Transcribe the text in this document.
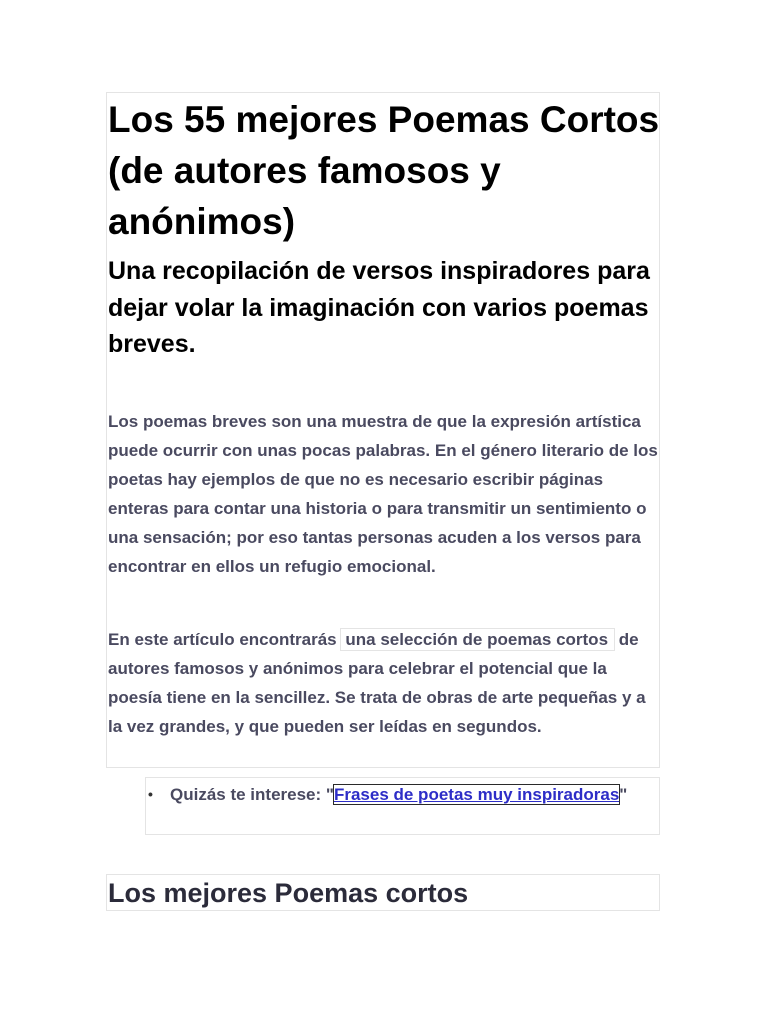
Los 55 mejores Poemas Cortos (de autores famosos y anónimos)
Una recopilación de versos inspiradores para dejar volar la imaginación con varios poemas breves.

Los poemas breves son una muestra de que la expresión artística puede ocurrir con unas pocas palabras. En el género literario de los poetas hay ejemplos de que no es necesario escribir páginas enteras para contar una historia o para transmitir un sentimiento o una sensación; por eso tantas personas acuden a los versos para encontrar en ellos un refugio emocional.

En este artículo encontrarás una selección de poemas cortos de autores famosos y anónimos para celebrar el potencial que la poesía tiene en la sencillez. Se trata de obras de arte pequeñas y a la vez grandes, y que pueden ser leídas en segundos.

• Quizás te interese: "Frases de poetas muy inspiradoras"

Los mejores Poemas cortos
